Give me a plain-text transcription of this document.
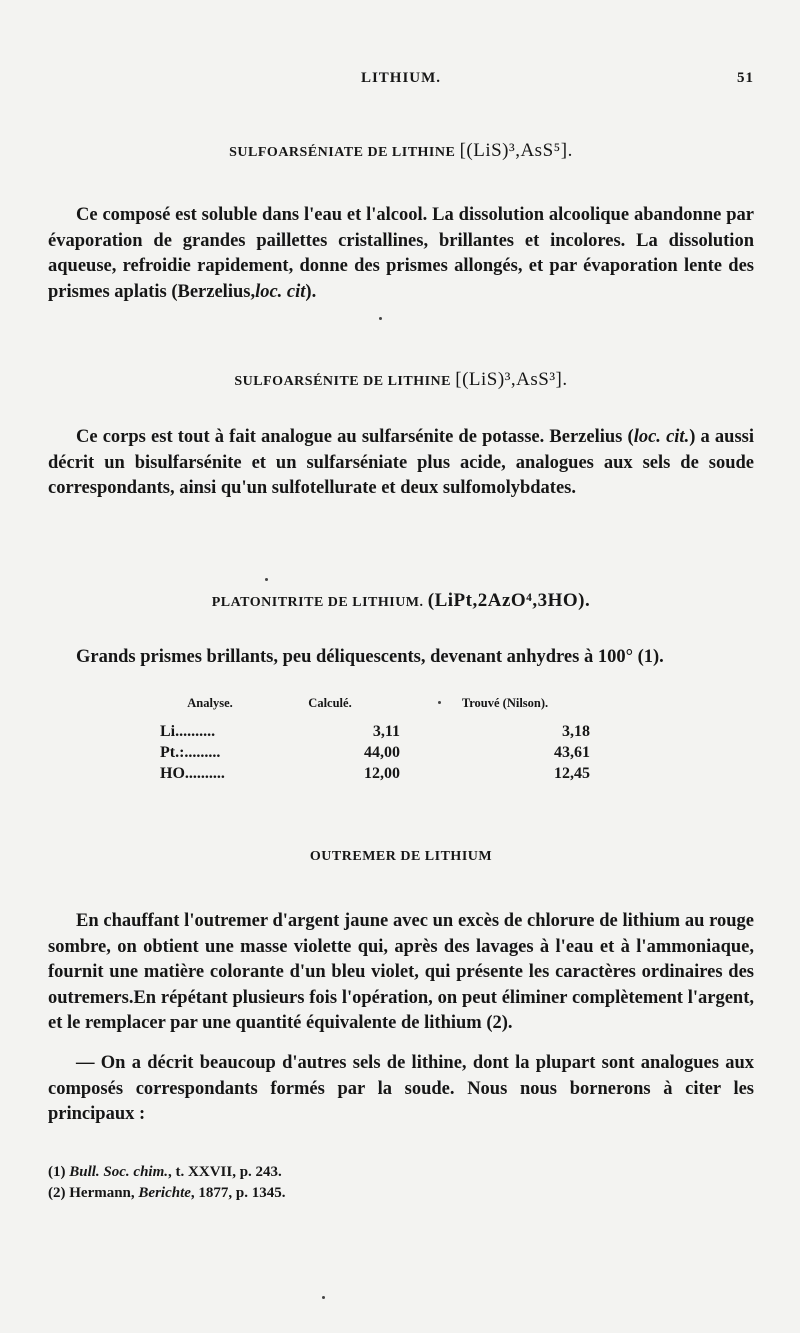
LITHIUM.	51
SULFOARSÉNIATE DE LITHINE [(LiS)³,AsS⁵].

Ce composé est soluble dans l'eau et l'alcool. La dissolution alcoolique abandonne par évaporation de grandes paillettes cristallines, brillantes et incolores. La dissolution aqueuse, refroidie rapidement, donne des prismes allongés, et par évaporation lente des prismes aplatis (Berzelius,loc. cit).

SULFOARSÉNITE DE LITHINE [(LiS)³,AsS³].

Ce corps est tout à fait analogue au sulfarsénite de potasse. Berzelius (loc. cit.) a aussi décrit un bisulfarsénite et un sulfarséniate plus acide, analogues aux sels de soude correspondants, ainsi qu'un sulfotellurate et deux sulfomolybdates.

PLATONITRITE DE LITHIUM. (LiPt,2AzO⁴,3HO).

Grands prismes brillants, peu déliquescents, devenant anhydres à 100° (1).

Analyse.	Calculé.	Trouvé (Nilson).
Li..........	3,11	3,18
Pt.:.........	44,00	43,61
HO..........	12,00	12,45
OUTREMER DE LITHIUM

En chauffant l'outremer d'argent jaune avec un excès de chlorure de lithium au rouge sombre, on obtient une masse violette qui, après des lavages à l'eau et à l'ammoniaque, fournit une matière colorante d'un bleu violet, qui présente les caractères ordinaires des outremers.En répétant plusieurs fois l'opération, on peut éliminer complètement l'argent, et le remplacer par une quantité équivalente de lithium (2).

— On a décrit beaucoup d'autres sels de lithine, dont la plupart sont analogues aux composés correspondants formés par la soude. Nous nous bornerons à citer les principaux :

(1) Bull. Soc. chim., t. XXVII, p. 243.
(2) Hermann, Berichte, 1877, p. 1345.
